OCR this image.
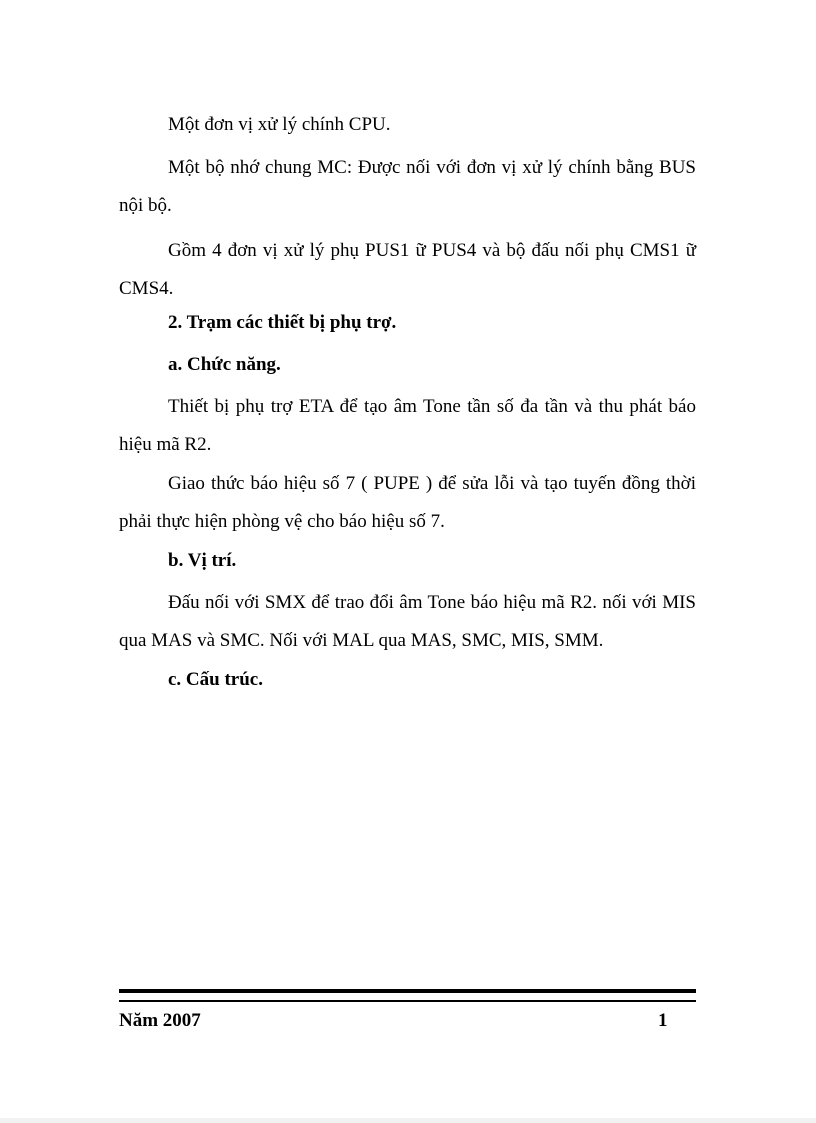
Một đơn vị xử lý chính CPU.

Một bộ nhớ chung MC: Được nối với đơn vị xử lý chính bằng BUS nội bộ.

Gồm 4 đơn vị xử lý phụ PUS1 ữ PUS4 và bộ đấu nối phụ CMS1 ữ CMS4.

2. Trạm các thiết bị phụ trợ.
a. Chức năng.

Thiết bị phụ trợ ETA để tạo âm Tone tần số đa tần và thu phát báo hiệu mã R2.

Giao thức báo hiệu số 7 ( PUPE ) để sửa lỗi và tạo tuyến đồng thời phải thực hiện phòng vệ cho báo hiệu số 7.

b. Vị trí.

Đấu nối với SMX để trao đổi âm Tone báo hiệu mã R2. nối với MIS qua MAS và SMC. Nối với MAL qua MAS, SMC, MIS, SMM.

c. Cấu trúc.
Năm 2007	1
